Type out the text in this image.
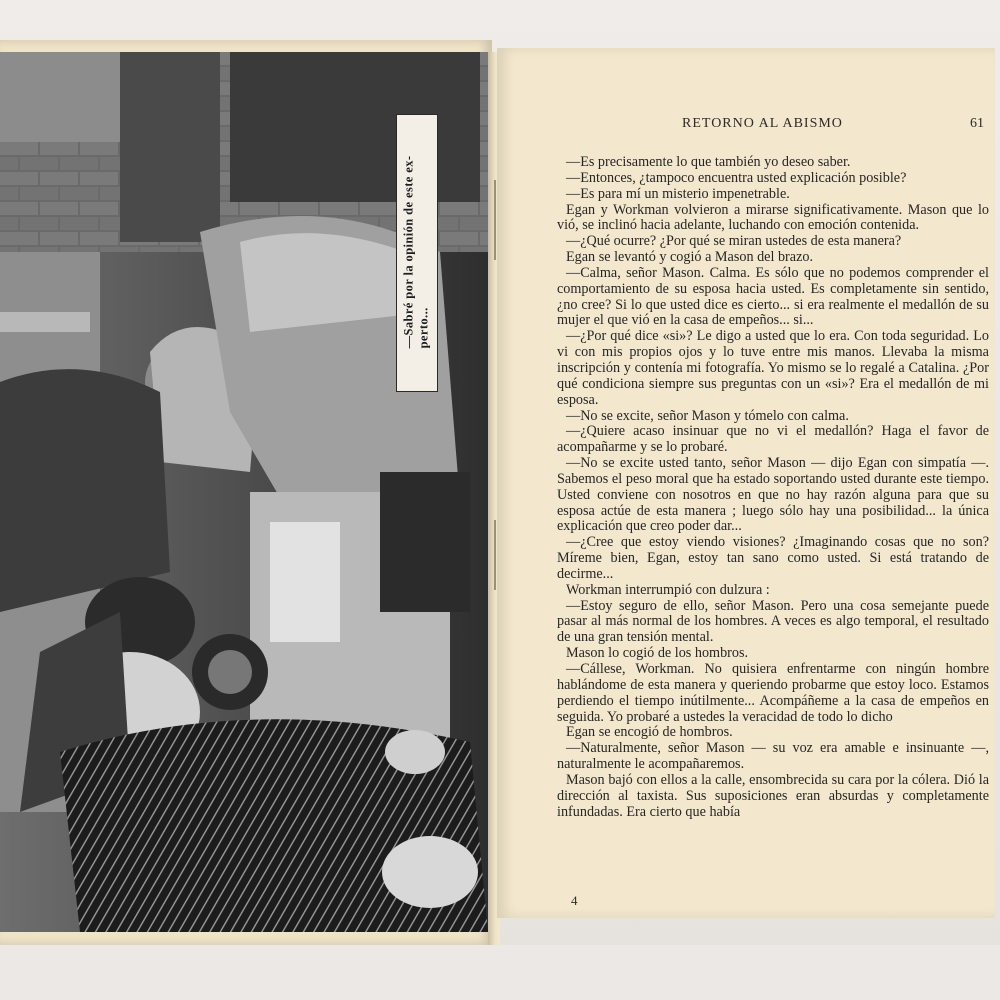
—Sabré por la opinión de este ex- perto...
RETORNO AL ABISMO	61

—Es precisamente lo que también yo deseo saber.

—Entonces, ¿tampoco encuentra usted explicación posible?

—Es para mí un misterio impenetrable.

Egan y Workman volvieron a mirarse significativamente. Mason que lo vió, se inclinó hacia adelante, luchando con emoción contenida.

—¿Qué ocurre? ¿Por qué se miran ustedes de esta manera?

Egan se levantó y cogió a Mason del brazo.

—Calma, señor Mason. Calma. Es sólo que no podemos comprender el comportamiento de su esposa hacia usted. Es completamente sin sentido, ¿no cree? Si lo que usted dice es cierto... si era realmente el medallón de su mujer el que vió en la casa de empeños... si...

—¿Por qué dice «si»? Le digo a usted que lo era. Con toda seguridad. Lo vi con mis propios ojos y lo tuve entre mis manos. Llevaba la misma inscripción y contenía mi fotografía. Yo mismo se lo regalé a Catalina. ¿Por qué condiciona siempre sus preguntas con un «si»? Era el medallón de mi esposa.

—No se excite, señor Mason y tómelo con calma.

—¿Quiere acaso insinuar que no vi el medallón? Haga el favor de acompañarme y se lo probaré.

—No se excite usted tanto, señor Mason — dijo Egan con simpatía —. Sabemos el peso moral que ha estado soportando usted durante este tiempo. Usted conviene con nosotros en que no hay razón alguna para que su esposa actúe de esta manera ; luego sólo hay una posibilidad... la única explicación que creo poder dar...

—¿Cree que estoy viendo visiones? ¿Imaginando cosas que no son? Míreme bien, Egan, estoy tan sano como usted. Si está tratando de decirme...

Workman interrumpió con dulzura :

—Estoy seguro de ello, señor Mason. Pero una cosa semejante puede pasar al más normal de los hombres. A veces es algo temporal, el resultado de una gran tensión mental.

Mason lo cogió de los hombros.

—Cállese, Workman. No quisiera enfrentarme con ningún hombre hablándome de esta manera y queriendo probarme que estoy loco. Estamos perdiendo el tiempo inútilmente... Acompáñeme a la casa de empeños en seguida. Yo probaré a ustedes la veracidad de todo lo dicho

Egan se encogió de hombros.

—Naturalmente, señor Mason — su voz era amable e insinuante —, naturalmente le acompañaremos.

Mason bajó con ellos a la calle, ensombrecida su cara por la cólera. Dió la dirección al taxista. Sus suposiciones eran absurdas y completamente infundadas. Era cierto que había

4
